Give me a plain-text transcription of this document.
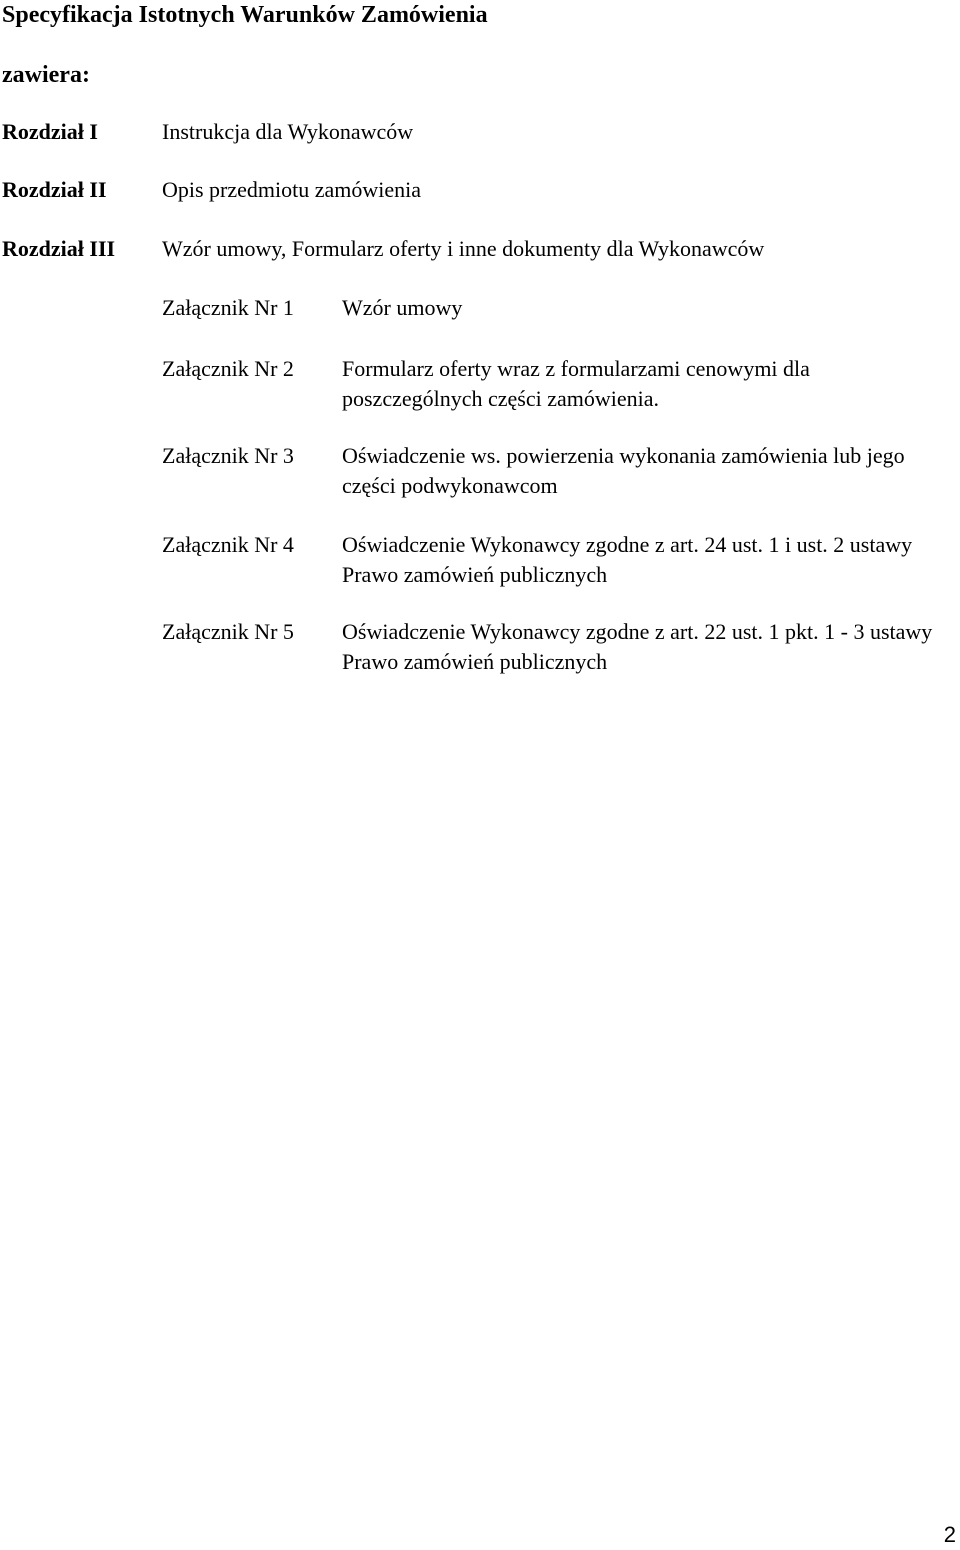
Specyfikacja Istotnych Warunków Zamówienia
zawiera:
Rozdział I	Instrukcja dla Wykonawców
Rozdział II	Opis przedmiotu zamówienia
Rozdział III Wzór umowy, Formularz oferty i inne dokumenty dla Wykonawców
Załącznik Nr 1 Wzór umowy
Załącznik Nr 2 Formularz oferty wraz z formularzami cenowymi dla poszczególnych części zamówienia.
Załącznik Nr 3 Oświadczenie ws. powierzenia wykonania zamówienia lub jego części podwykonawcom
Załącznik Nr 4 Oświadczenie Wykonawcy zgodne z art. 24 ust. 1 i ust. 2 ustawy Prawo zamówień publicznych
Załącznik Nr 5 Oświadczenie Wykonawcy zgodne z art. 22 ust. 1 pkt. 1 - 3 ustawy Prawo zamówień publicznych
2
